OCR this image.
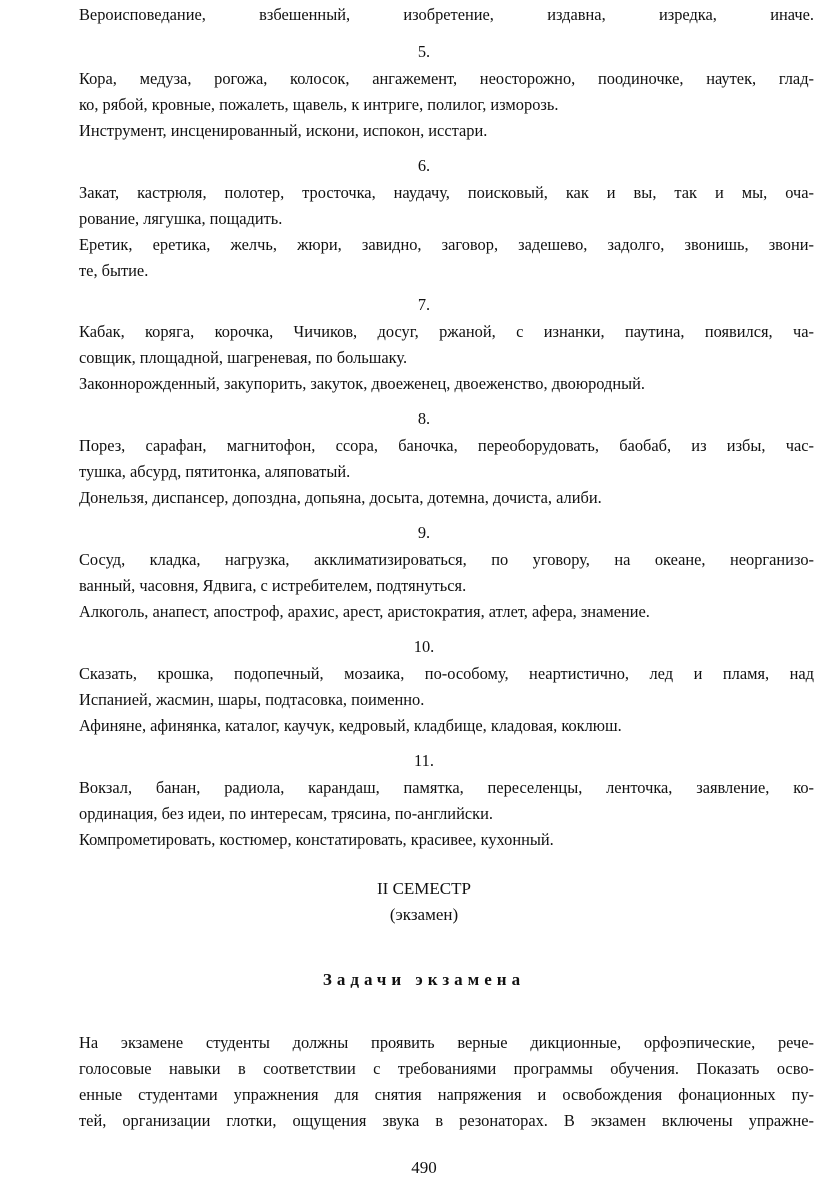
Вероисповедание, взбешенный, изобретение, издавна, изредка, иначе.
5.
Кора, медуза, рогожа, колосок, ангажемент, неосторожно, поодиночке, наутек, глад-
ко, рябой, кровные, пожалеть, щавель, к интриге, полилог, изморозь.
Инструмент, инсценированный, искони, испокон, исстари.
6.
Закат, кастрюля, полотер, тросточка, наудачу, поисковый, как и вы, так и мы, оча-
рование, лягушка, пощадить.
Еретик, еретика, желчь, жюри, завидно, заговор, задешево, задолго, звонишь, звони-
те, бытие.
7.
Кабак, коряга, корочка, Чичиков, досуг, ржаной, с изнанки, паутина, появился, ча-
совщик, площадной, шагреневая, по большаку.
Законнорожденный, закупорить, закуток, двоеженец, двоеженство, двоюродный.
8.
Порез, сарафан, магнитофон, ссора, баночка, переоборудовать, баобаб, из избы, час-
тушка, абсурд, пятитонка, аляповатый.
Донельзя, диспансер, допоздна, допьяна, досыта, дотемна, дочиста, алиби.
9.
Сосуд, кладка, нагрузка, акклиматизироваться, по уговору, на океане, неорганизо-
ванный, часовня, Ядвига, с истребителем, подтянуться.
Алкоголь, анапест, апостроф, арахис, арест, аристократия, атлет, афера, знамение.
10.
Сказать, крошка, подопечный, мозаика, по-особому, неартистично, лед и пламя, над
Испанией, жасмин, шары, подтасовка, поименно.
Афиняне, афинянка, каталог, каучук, кедровый, кладбище, кладовая, коклюш.
11.
Вокзал, банан, радиола, карандаш, памятка, переселенцы, ленточка, заявление, ко-
ординация, без идеи, по интересам, трясина, по-английски.
Компрометировать, костюмер, констатировать, красивее, кухонный.
II СЕМЕСТР
(экзамен)
Задачи экзамена
На экзамене студенты должны проявить верные дикционные, орфоэпические, рече-
голосовые навыки в соответствии с требованиями программы обучения. Показать осво-
енные студентами упражнения для снятия напряжения и освобождения фонационных пу-
тей, организации глотки, ощущения звука в резонаторах. В экзамен включены упражне-
490
